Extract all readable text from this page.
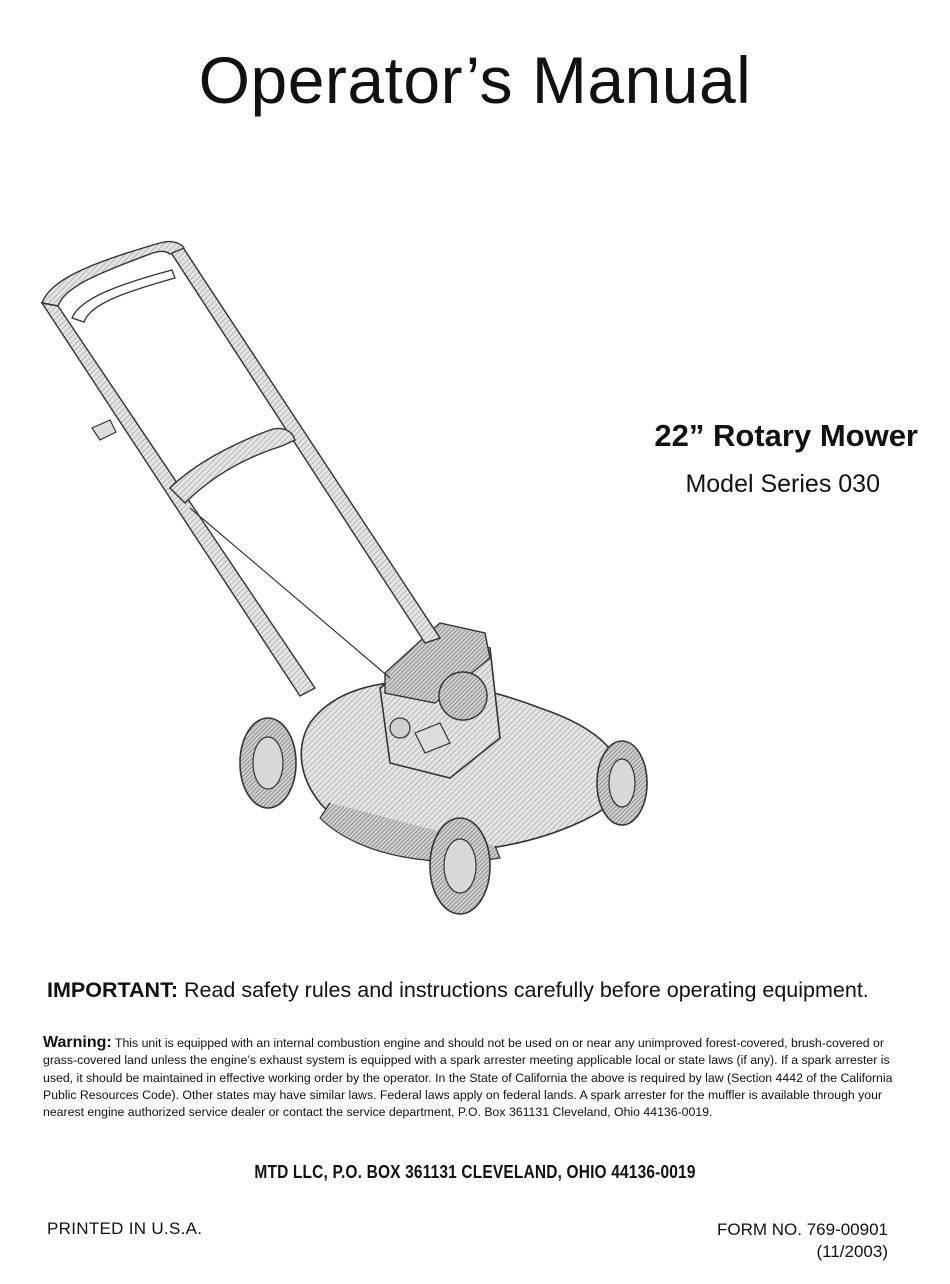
Operator’s Manual
22” Rotary Mower
Model Series 030
IMPORTANT: Read safety rules and instructions carefully before operating equipment.
Warning: This unit is equipped with an internal combustion engine and should not be used on or near any unimproved forest-covered, brush-covered or grass-covered land unless the engine’s exhaust system is equipped with a spark arrester meeting applicable local or state laws (if any). If a spark arrester is used, it should be maintained in effective working order by the operator. In the State of California the above is required by law (Section 4442 of the California Public Resources Code). Other states may have similar laws. Federal laws apply on federal lands. A spark arrester for the muffler is available through your nearest engine authorized service dealer or contact the service department, P.O. Box 361131 Cleveland, Ohio 44136-0019.
MTD LLC, P.O. BOX 361131 CLEVELAND, OHIO 44136-0019
PRINTED IN U.S.A.	FORM NO. 769-00901
(11/2003)
